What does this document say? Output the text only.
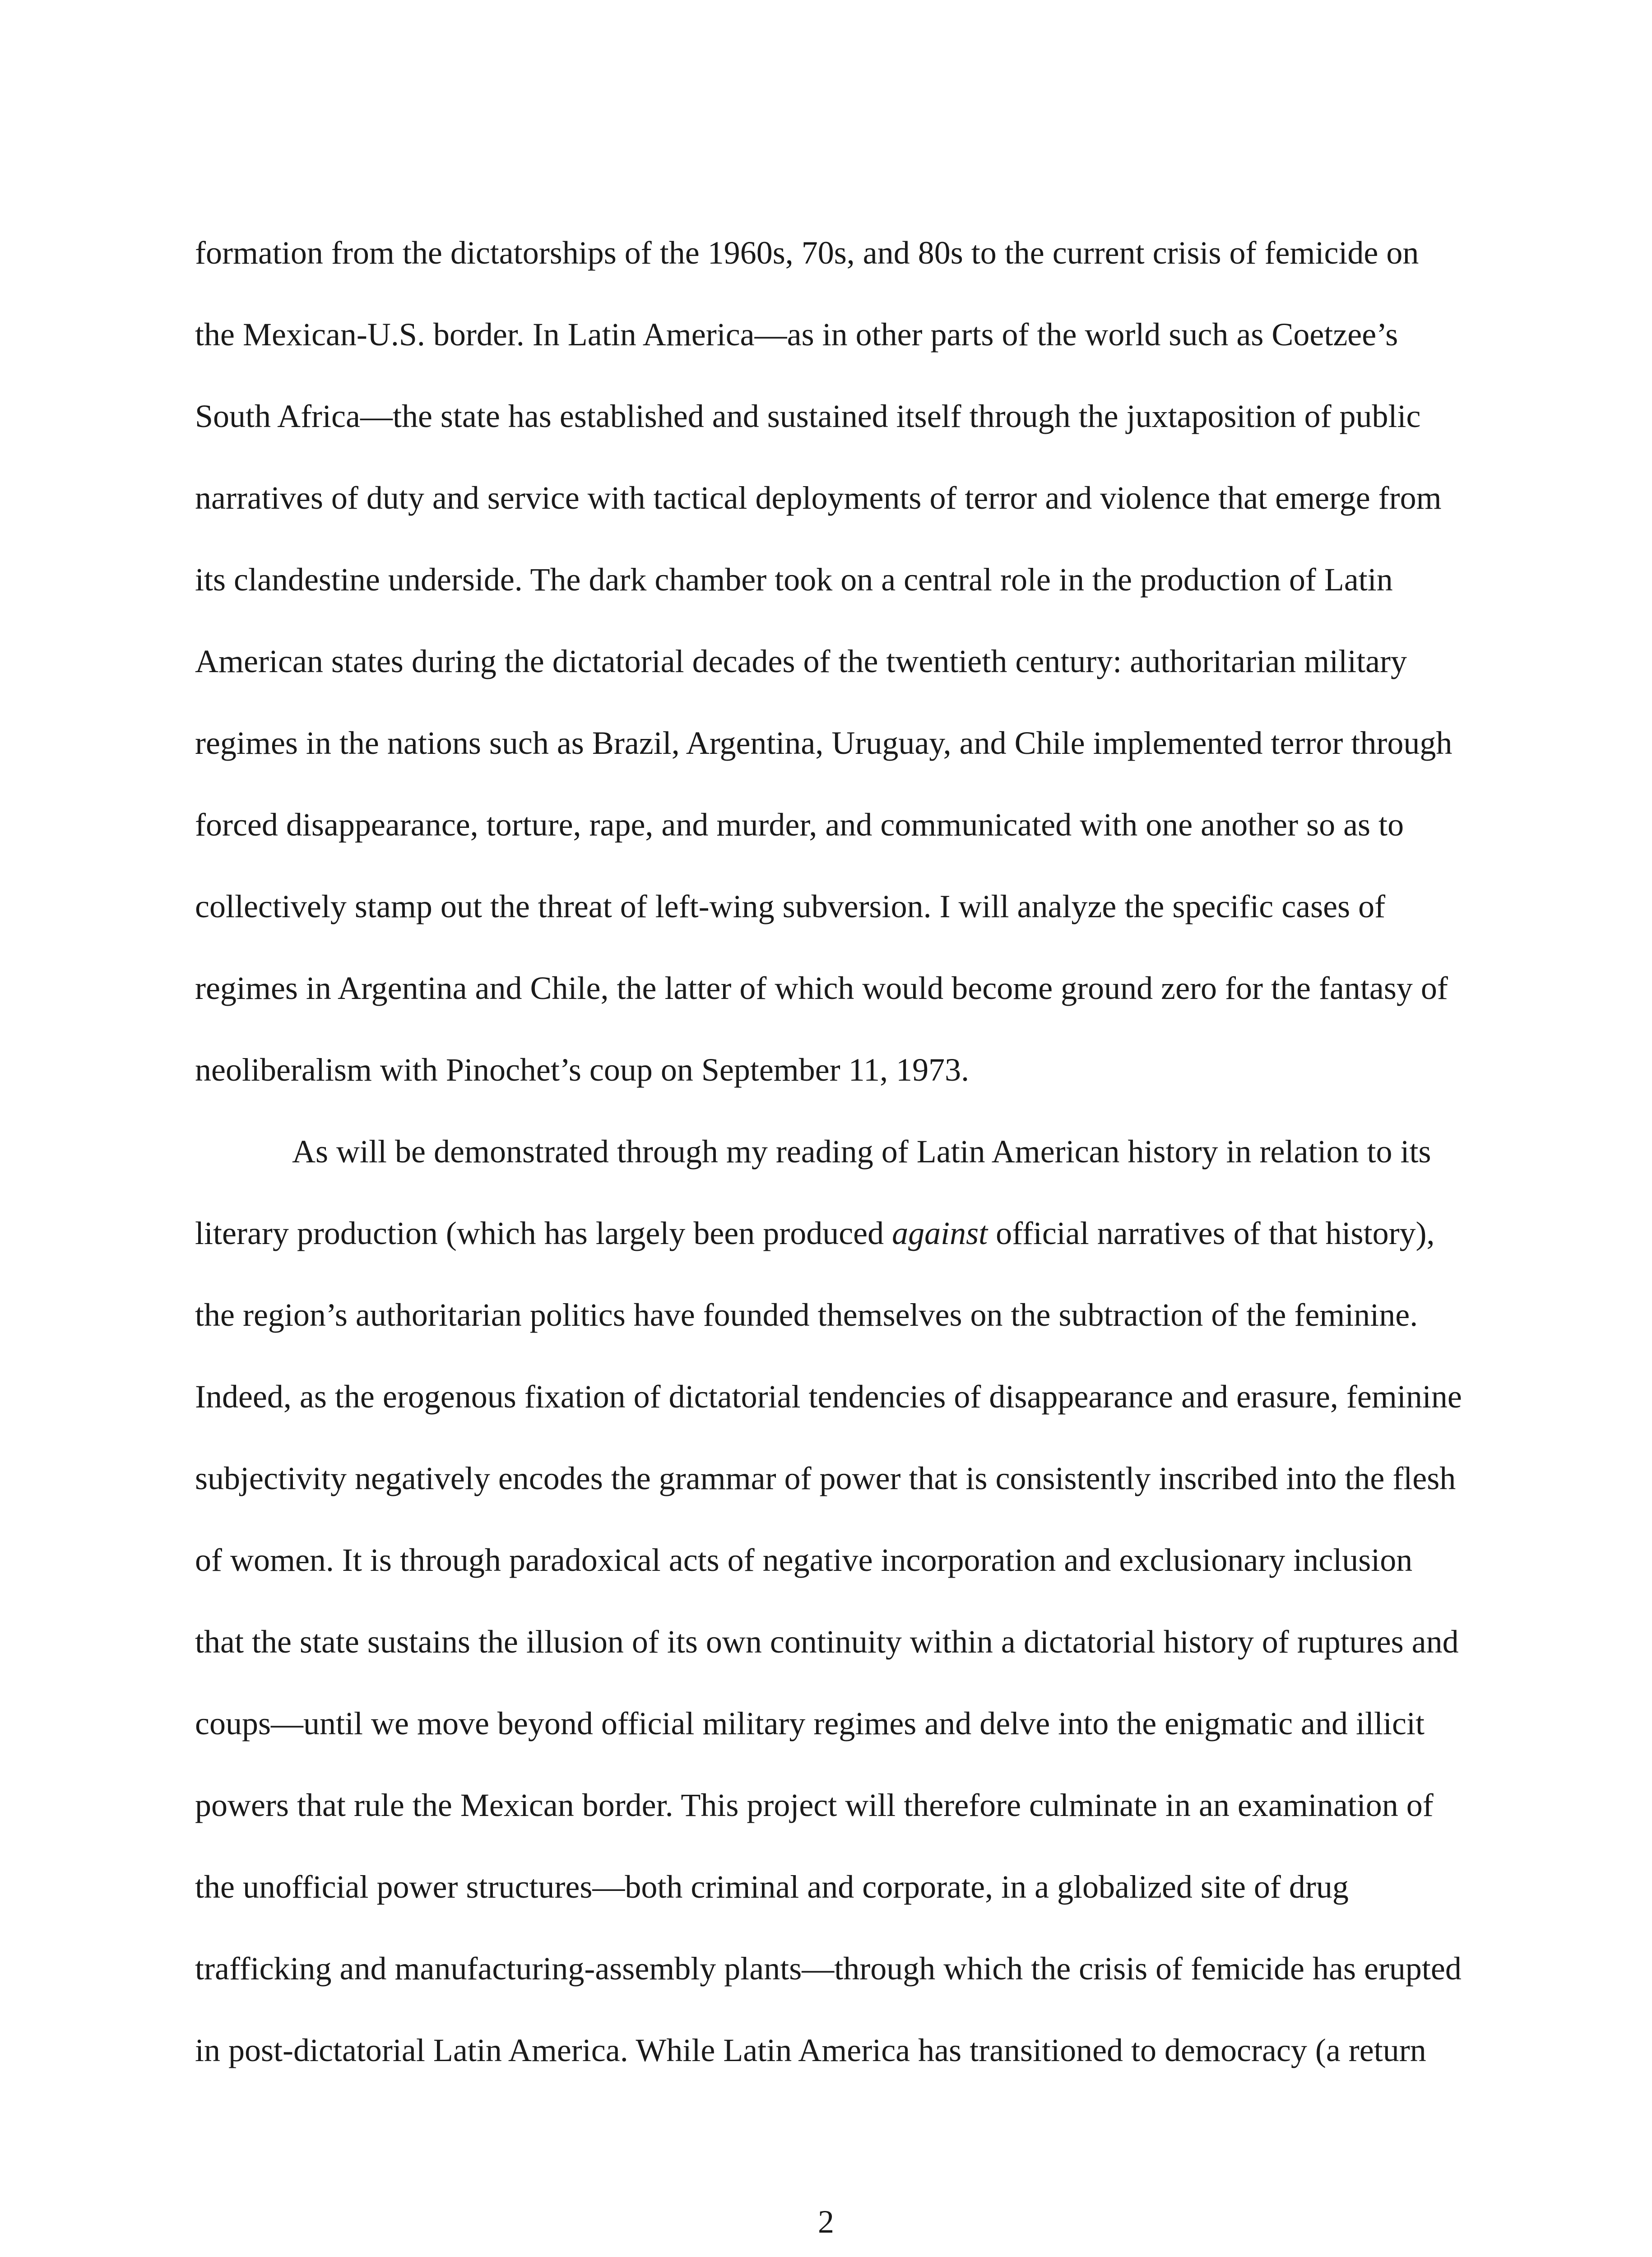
formation from the dictatorships of the 1960s, 70s, and 80s to the current crisis of femicide on
the Mexican-U.S. border. In Latin America—as in other parts of the world such as Coetzee’s
South Africa—the state has established and sustained itself through the juxtaposition of public
narratives of duty and service with tactical deployments of terror and violence that emerge from
its clandestine underside. The dark chamber took on a central role in the production of Latin
American states during the dictatorial decades of the twentieth century: authoritarian military
regimes in the nations such as Brazil, Argentina, Uruguay, and Chile implemented terror through
forced disappearance, torture, rape, and murder, and communicated with one another so as to
collectively stamp out the threat of left-wing subversion. I will analyze the specific cases of
regimes in Argentina and Chile, the latter of which would become ground zero for the fantasy of
neoliberalism with Pinochet’s coup on September 11, 1973.
As will be demonstrated through my reading of Latin American history in relation to its
literary production (which has largely been produced against official narratives of that history),
the region’s authoritarian politics have founded themselves on the subtraction of the feminine.
Indeed, as the erogenous fixation of dictatorial tendencies of disappearance and erasure, feminine
subjectivity negatively encodes the grammar of power that is consistently inscribed into the flesh
of women. It is through paradoxical acts of negative incorporation and exclusionary inclusion
that the state sustains the illusion of its own continuity within a dictatorial history of ruptures and
coups—until we move beyond official military regimes and delve into the enigmatic and illicit
powers that rule the Mexican border. This project will therefore culminate in an examination of
the unofficial power structures—both criminal and corporate, in a globalized site of drug
trafficking and manufacturing-assembly plants—through which the crisis of femicide has erupted
in post-dictatorial Latin America. While Latin America has transitioned to democracy (a return
2
